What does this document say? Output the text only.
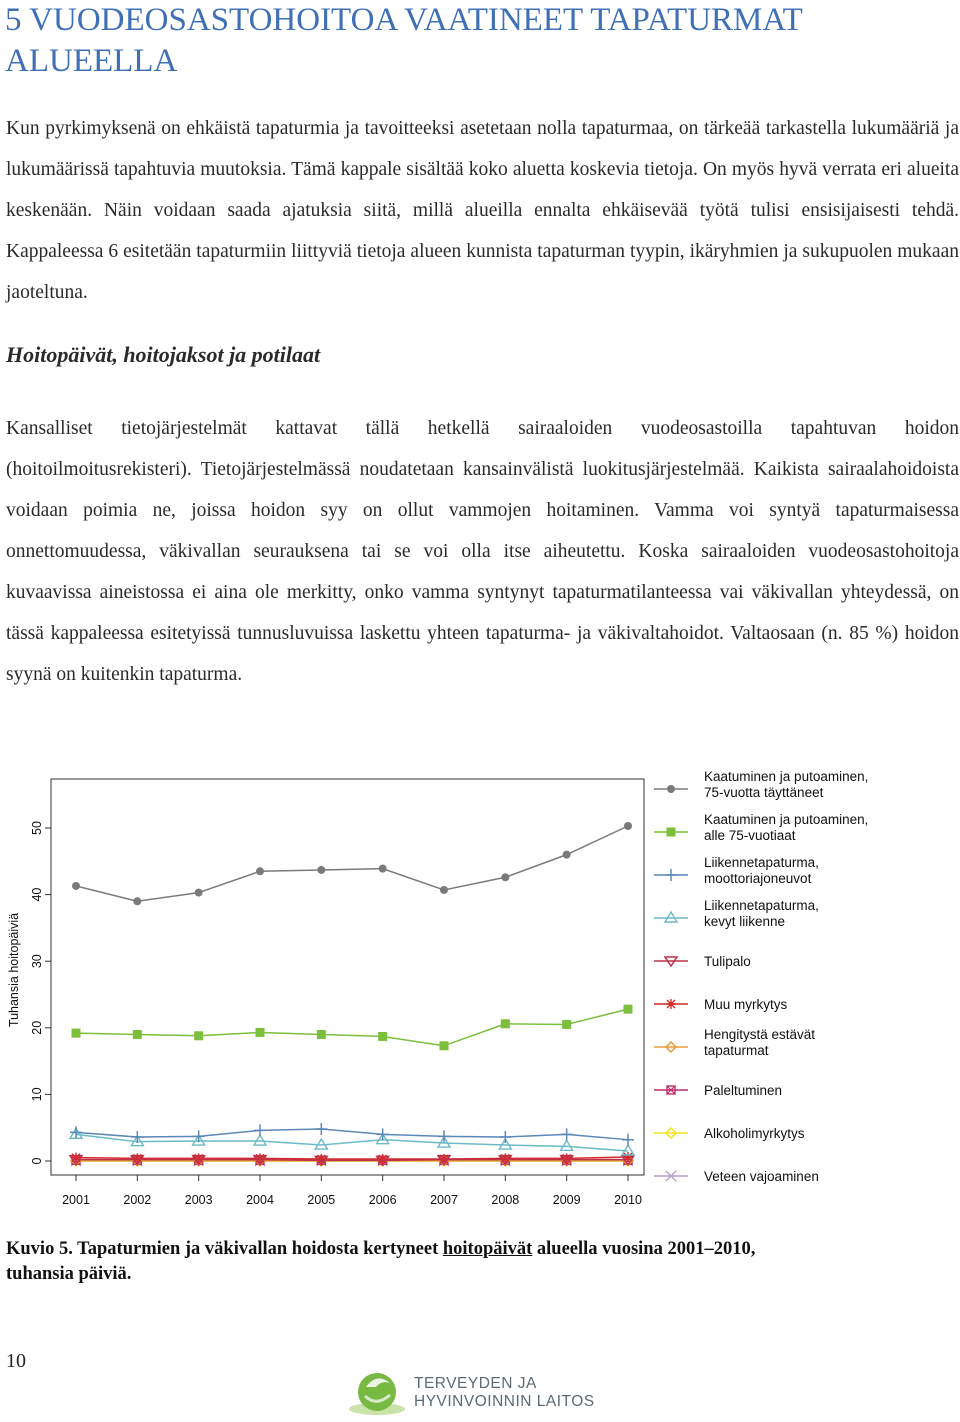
5 VUODEOSASTOHOITOA VAATINEET TAPATURMAT ALUEELLA

Kun pyrkimyksenä on ehkäistä tapaturmia ja tavoitteeksi asetetaan nolla tapaturmaa, on tärkeää tarkastella lukumääriä ja lukumäärissä tapahtuvia muutoksia. Tämä kappale sisältää koko aluetta koskevia tietoja. On myös hyvä verrata eri alueita keskenään. Näin voidaan saada ajatuksia siitä, millä alueilla ennalta ehkäisevää työtä tulisi ensisijaisesti tehdä. Kappaleessa 6 esitetään tapaturmiin liittyviä tietoja alueen kunnista tapaturman tyypin, ikäryhmien ja sukupuolen mukaan jaoteltuna.

Hoitopäivät, hoitojaksot ja potilaat

Kansalliset tietojärjestelmät kattavat tällä hetkellä sairaaloiden vuodeosastoilla tapahtuvan hoidon (hoitoilmoitusrekisteri). Tietojärjestelmässä noudatetaan kansainvälistä luokitusjärjestelmää. Kaikista sairaalahoidoista voidaan poimia ne, joissa hoidon syy on ollut vammojen hoitaminen. Vamma voi syntyä tapaturmaisessa onnettomuudessa, väkivallan seurauksena tai se voi olla itse aiheutettu. Koska sairaaloiden vuodeosastohoitoja kuvaavissa aineistossa ei aina ole merkitty, onko vamma syntynyt tapaturmatilanteessa vai väkivallan yhteydessä, on tässä kappaleessa esitetyissä tunnusluvuissa laskettu yhteen tapaturma- ja väkivaltahoidot. Valtaosaan (n. 85 %) hoidon syynä on kuitenkin tapaturma.

0
10
20
30
40
50
Tuhansia hoitopäiviä
2001	2002	2003	2004	2005	2006	2007	2008	2009	2010
Kaatuminen ja putoaminen,
75-vuotta täyttäneet
Kaatuminen ja putoaminen,
alle 75-vuotiaat
Liikennetapaturma,
moottoriajoneuvot
Liikennetapaturma,
kevyt liikenne
Tulipalo
Muu myrkytys
Hengitystä estävät
tapaturmat
Paleltuminen
Alkoholimyrkytys
Veteen vajoaminen
Kuvio 5. Tapaturmien ja väkivallan hoidosta kertyneet hoitopäivät alueella vuosina 2001–2010, tuhansia päiviä.
10
TERVEYDEN JA
HYVINVOINNIN LAITOS
